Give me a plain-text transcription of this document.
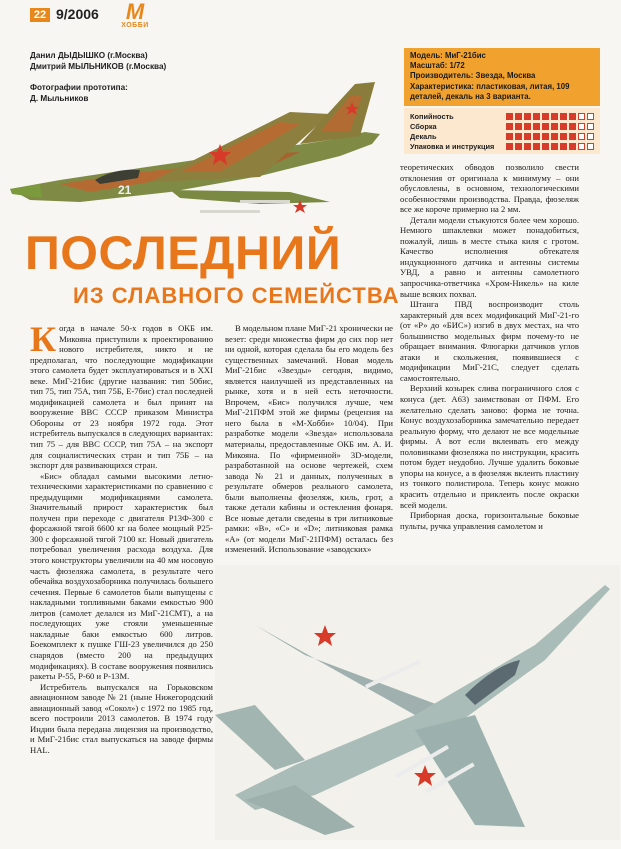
22 9/2006	М
ХОББИ
Данил ДЫДЫШКО (г.Москва)
Дмитрий МЫЛЬНИКОВ (г.Москва)
Фотографии прототипа:
Д. Мыльников
Модель: МиГ-21бис
Масштаб: 1/72
Производитель: Звезда, Москва
Характеристика: пластиковая, литая, 109 деталей, декаль на 3 варианта.
Копийность
Сборка
Декаль
Упаковка и инструкция
21
ПОСЛЕДНИЙ
ИЗ СЛАВНОГО СЕМЕЙСТВА

Когда в начале 50-х годов в ОКБ им. Микояна приступили к проектированию нового истребителя, никто и не предполагал, что последующие модификации этого самолета будет эксплуатироваться и в XXI веке. МиГ-21бис (другие названия: тип 50бис, тип 75, тип 75А, тип 75Б, Е-7бис) стал последней модификацией самолета и был принят на вооружение ВВС СССР приказом Министра Обороны от 23 ноября 1972 года. Этот истребитель выпускался в следующих вариантах: тип 75 – для ВВС СССР, тип 75А – на экспорт для социалистических стран и тип 75Б – на экспорт для развивающихся стран.

«Бис» обладал самыми высокими летно-техническими характеристиками по сравнению с предыдущими модификациями самолета. Значительный прирост характеристик был получен при переходе с двигателя Р13Ф-300 с форсажной тягой 6600 кг на более мощный Р25-300 с форсажной тягой 7100 кг. Новый двигатель потребовал увеличения расхода воздуха. Для этого конструкторы увеличили на 40 мм носовую часть фюзеляжа самолета, в результате чего обечайка воздухозаборника получилась большего сечения. Первые 6 самолетов были выпущены с накладными топливными баками емкостью 900 литров (самолет делался из МиГ-21СМТ), а на последующих уже стояли уменьшенные накладные баки емкостью 600 литров. Боекомплект к пушке ГШ-23 увеличился до 250 снарядов (вместо 200 на предыдущих модификациях). В составе вооружения появились ракеты Р-55, Р-60 и Р-13М.

Истребитель выпускался на Горьковском авиационном заводе № 21 (ныне Нижегородский авиационный завод «Сокол») с 1972 по 1985 год, всего построили 2013 самолетов. В 1974 году Индии была передана лицензия на производство, и МиГ-21бис стал выпускаться на заводе фирмы HAL.

В модельном плане МиГ-21 хронически не везет: среди множества фирм до сих пор нет ни одной, которая сделала бы его модель без существенных замечаний. Новая модель МиГ-21бис «Звезды» сегодня, видимо, является наилучшей из представленных на рынке, хотя и в ней есть неточности. Впрочем, «Бис» получился лучше, чем МиГ-21ПФМ этой же фирмы (рецензия на него была в «М-Хобби» 10/04). При разработке модели «Звезда» использовала материалы, предоставленные ОКБ им. А. И. Микояна. По «фирменной» 3D-модели, разработанной на основе чертежей, схем завода № 21 и данных, полученных в результате обмеров реального самолета, были выполнены фюзеляж, киль, грот, а также детали кабины и остекления фонаря. Все новые детали сведены в три литниковые рамки: «В», «С» и «D»; литниковая рамка «А» (от модели МиГ-21ПФМ) осталась без изменений. Использование «заводских»

теоретических обводов позволило свести отклонения от оригинала к минимуму – они обусловлены, в основном, технологическими особенностями производства. Правда, фюзеляж все же короче примерно на 2 мм.

Детали модели стыкуются более чем хорошо. Немного шпаклевки может понадобиться, пожалуй, лишь в месте стыка киля с гротом. Качество исполнения обтекателя индукционного датчика и антенны системы УВД, а равно и антенны самолетного запросчика-ответчика «Хром-Никель» на киле выше всяких похвал.

Штанга ПВД воспроизводит столь характерный для всех модификаций МиГ-21-го (от «Р» до «БИС») изгиб в двух местах, на что большинство модельных фирм почему-то не обращает внимания. Флюгарки датчиков углов атаки и скольжения, появившиеся с модификации МиГ-21С, следует сделать самостоятельно.

Верхний козырек слива пограничного слоя с конуса (дет. А63) заимствован от ПФМ. Его желательно сделать заново: форма не точна. Конус воздухозаборника замечательно передает реальную форму, что делают не все модельные фирмы. А вот если вклеивать его между половинками фюзеляжа по инструкции, красить потом будет неудобно. Лучше удалить боковые упоры на конусе, а в фюзеляж вклеить пластину из тонкого полистирола. Теперь конус можно красить отдельно и приклеить после окраски всей модели.

Приборная доска, горизонтальные боковые пульты, ручка управления самолетом и
